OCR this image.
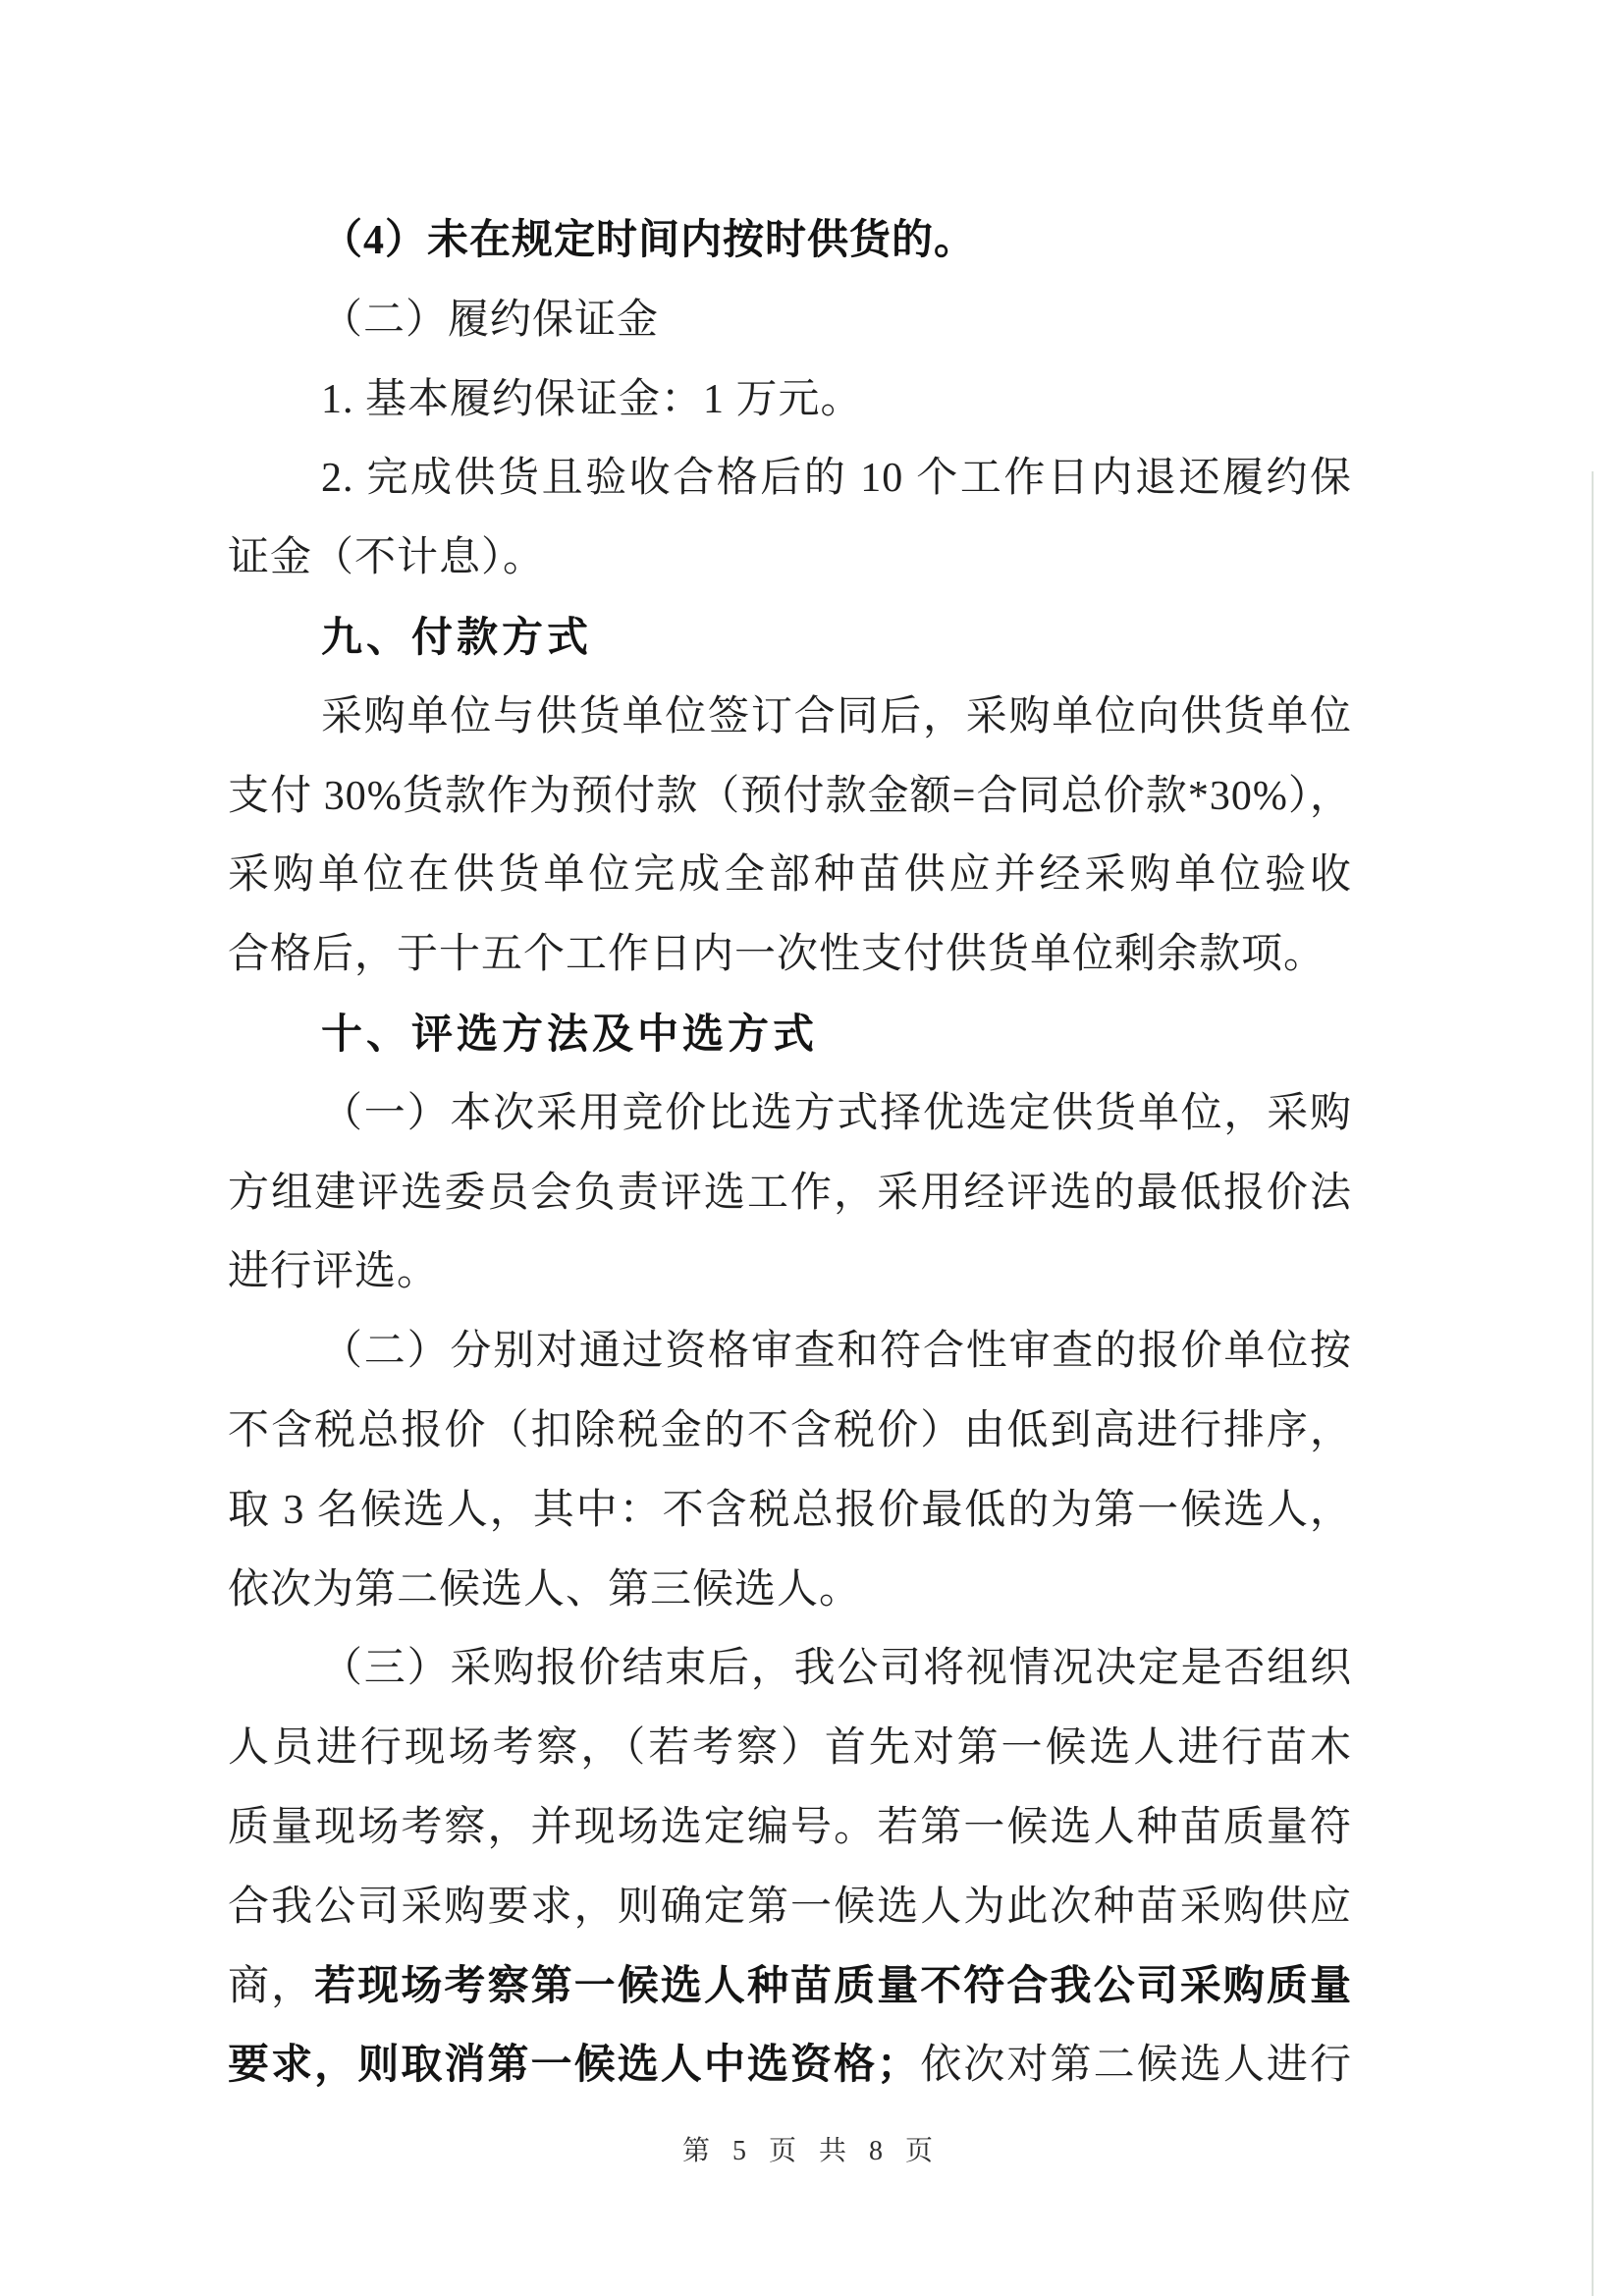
（4）未在规定时间内按时供货的。
（二）履约保证金
1. 基本履约保证金：1 万元。
2. 完成供货且验收合格后的 10 个工作日内退还履约保
证金（不计息）。
九、付款方式
采购单位与供货单位签订合同后，采购单位向供货单位
支付 30%货款作为预付款（预付款金额=合同总价款*30%），
采购单位在供货单位完成全部种苗供应并经采购单位验收
合格后，于十五个工作日内一次性支付供货单位剩余款项。
十、评选方法及中选方式
（一）本次采用竞价比选方式择优选定供货单位，采购
方组建评选委员会负责评选工作，采用经评选的最低报价法
进行评选。
（二）分别对通过资格审查和符合性审查的报价单位按
不含税总报价（扣除税金的不含税价）由低到高进行排序，
取 3 名候选人，其中：不含税总报价最低的为第一候选人，
依次为第二候选人、第三候选人。
（三）采购报价结束后，我公司将视情况决定是否组织
人员进行现场考察，（若考察）首先对第一候选人进行苗木
质量现场考察，并现场选定编号。若第一候选人种苗质量符
合我公司采购要求，则确定第一候选人为此次种苗采购供应
商，若现场考察第一候选人种苗质量不符合我公司采购质量
要求，则取消第一候选人中选资格；依次对第二候选人进行
第 5 页 共 8 页
